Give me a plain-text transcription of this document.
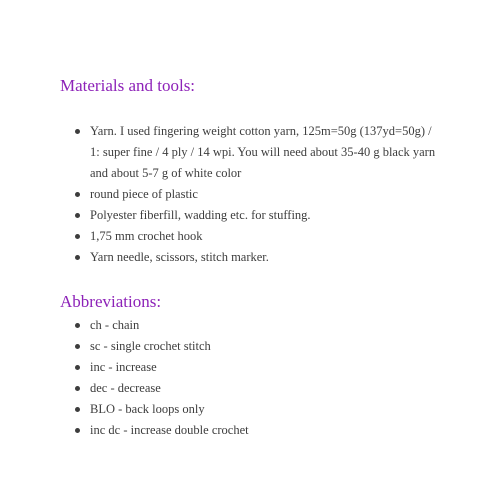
Materials and tools:
Yarn. I used fingering weight cotton yarn, 125m=50g (137yd=50g) / 1: super fine / 4 ply / 14 wpi. You will need about 35-40 g black yarn and about 5-7 g of white color
round piece of plastic
Polyester fiberfill, wadding etc. for stuffing.
1,75 mm crochet hook
Yarn needle, scissors, stitch marker.
Abbreviations:
ch - chain
sc - single crochet stitch
inc - increase
dec - decrease
BLO - back loops only
inc dc - increase double crochet
